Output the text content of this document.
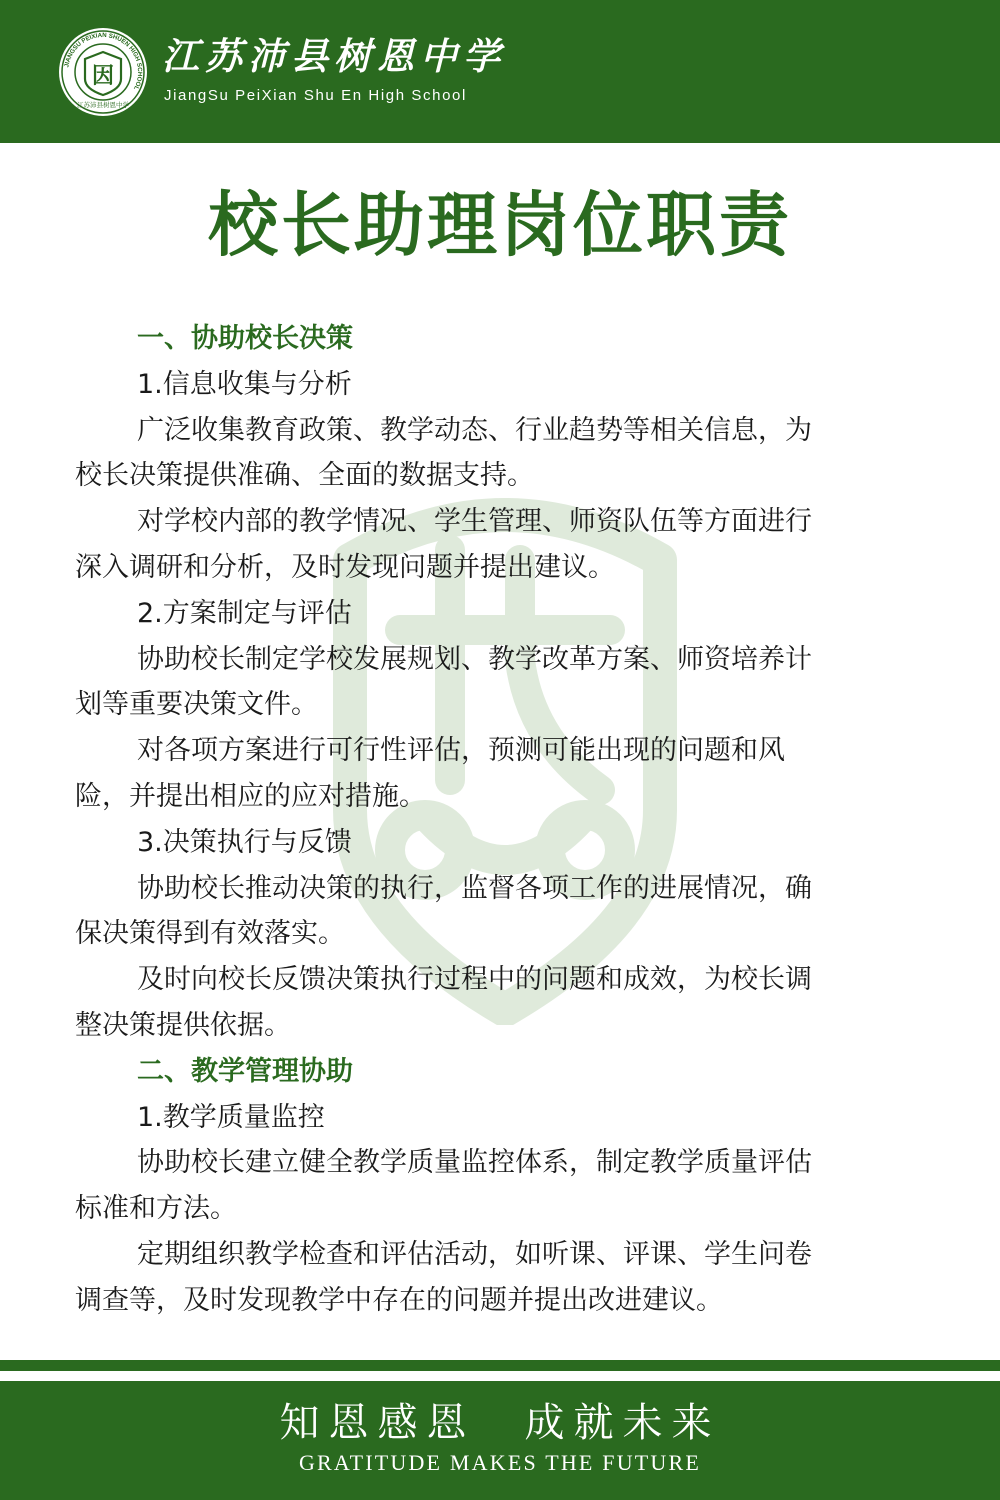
JIANGSU PEIXIAN SHUEN HIGH SCHOOL
江苏沛县树恩中学
因 江苏沛县树恩中学
JiangSu PeiXian Shu En High School
校长助理岗位职责
一、协助校长决策
1.信息收集与分析
广泛收集教育政策、教学动态、行业趋势等相关信息，为
校长决策提供准确、全面的数据支持。
对学校内部的教学情况、学生管理、师资队伍等方面进行
深入调研和分析，及时发现问题并提出建议。
2.方案制定与评估
协助校长制定学校发展规划、教学改革方案、师资培养计
划等重要决策文件。
对各项方案进行可行性评估，预测可能出现的问题和风
险，并提出相应的应对措施。
3.决策执行与反馈
协助校长推动决策的执行，监督各项工作的进展情况，确
保决策得到有效落实。
及时向校长反馈决策执行过程中的问题和成效，为校长调
整决策提供依据。
二、教学管理协助
1.教学质量监控
协助校长建立健全教学质量监控体系，制定教学质量评估
标准和方法。
定期组织教学检查和评估活动，如听课、评课、学生问卷
调查等，及时发现教学中存在的问题并提出改进建议。
知恩感恩　成就未来
GRATITUDE MAKES THE FUTURE
